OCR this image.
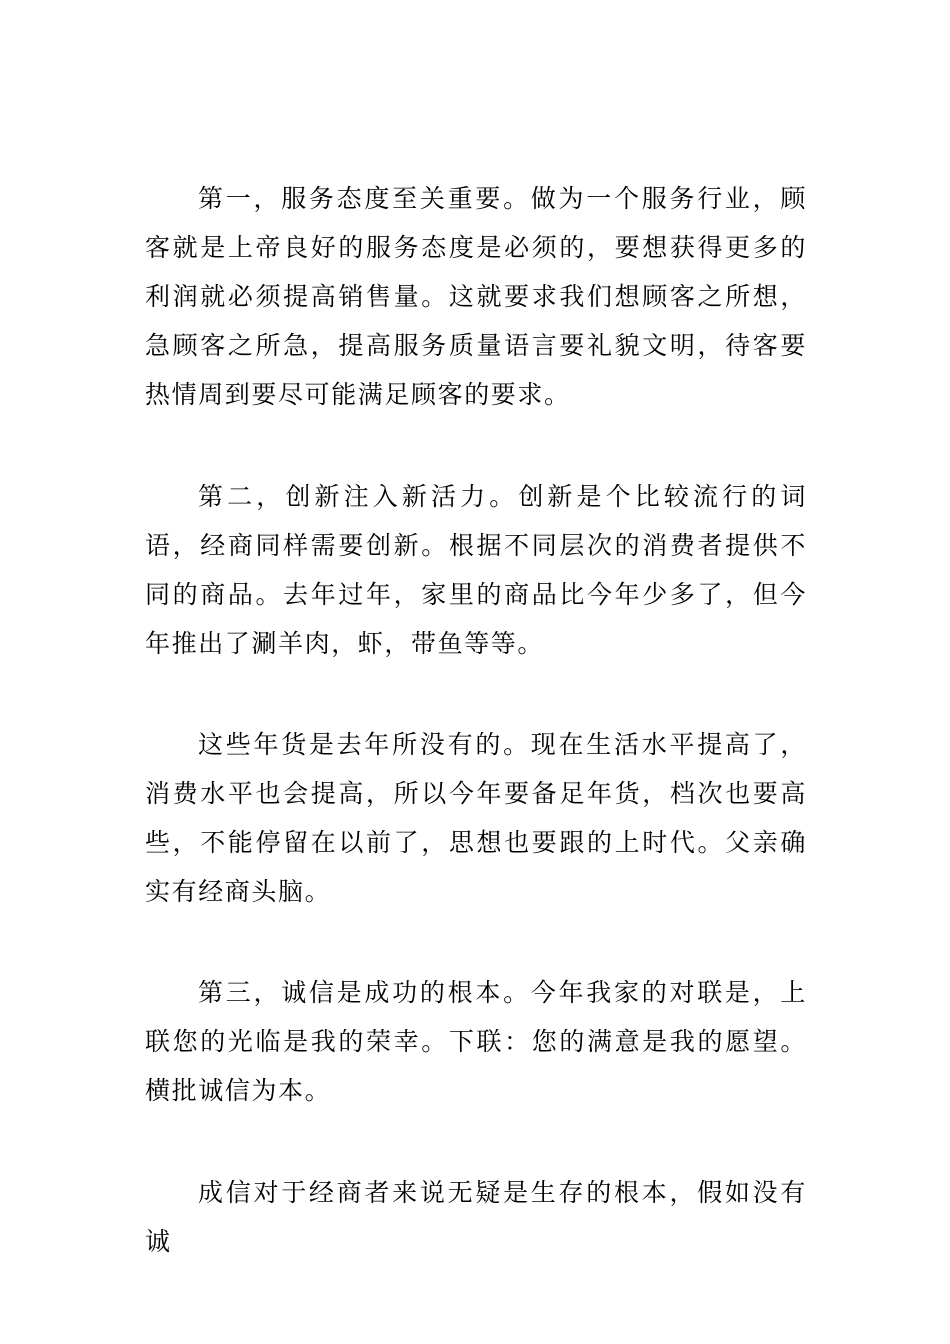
第一，服务态度至关重要。做为一个服务行业，顾客就是上帝良好的服务态度是必须的，要想获得更多的利润就必须提高销售量。这就要求我们想顾客之所想，急顾客之所急，提高服务质量语言要礼貌文明，待客要热情周到要尽可能满足顾客的要求。

第二，创新注入新活力。创新是个比较流行的词语，经商同样需要创新。根据不同层次的消费者提供不同的商品。去年过年，家里的商品比今年少多了，但今年推出了涮羊肉，虾，带鱼等等。

这些年货是去年所没有的。现在生活水平提高了，消费水平也会提高，所以今年要备足年货，档次也要高些，不能停留在以前了，思想也要跟的上时代。父亲确实有经商头脑。

第三，诚信是成功的根本。今年我家的对联是，上联您的光临是我的荣幸。下联：您的满意是我的愿望。横批诚信为本。

成信对于经商者来说无疑是生存的根本，假如没有诚
